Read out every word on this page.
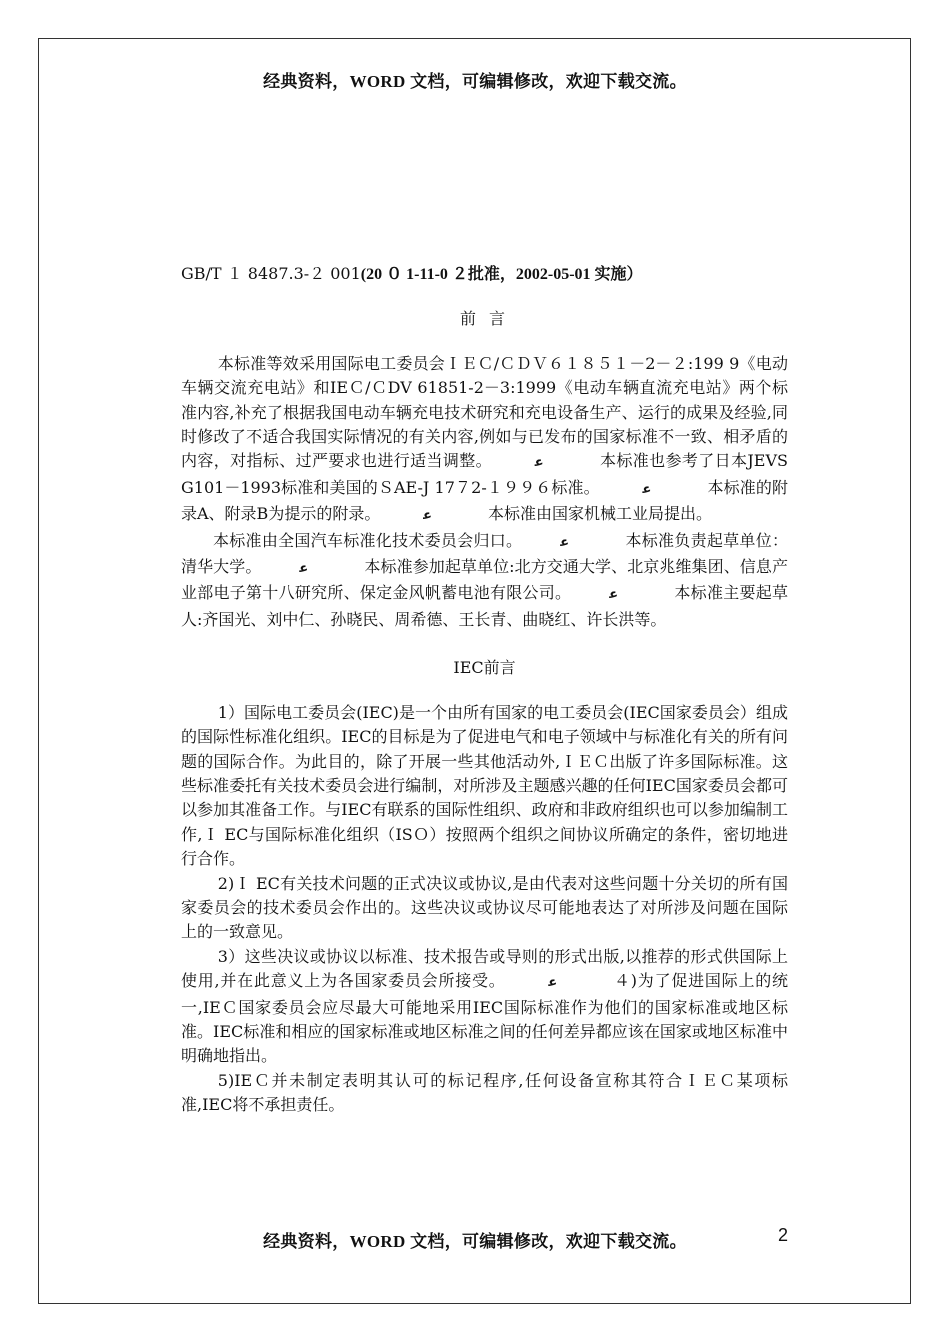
经典资料，WORD 文档，可编辑修改，欢迎下载交流。

GB/T １ 8487.3-２ 001(20 ０ 1-11-0 ２批准，2002-05-01 实施）

前 言

本标准等效采用国际电工委员会ＩＥＣ/ＣＤＶ６１８５１－2－２:199 9《电动车辆交流充电站》和IEＣ/ＣDV 61851-2－3:1999《电动车辆直流充电站》两个标准内容,补充了根据我国电动车辆充电技术研究和充电设备生产、运行的成果及经验,同时修改了不适合我国实际情况的有关内容,例如与已发布的国家标准不一致、相矛盾的内容，对指标、过严要求也进行适当调整。	ﻋ	本标准也参考了日本JEVS G101－1993标准和美国的ＳAE-J 17７2-１９９６标准。	ﻋ	本标准的附录A、附录B为提示的附录。	ﻋ	本标准由国家机械工业局提出。

本标准由全国汽车标准化技术委员会归口。	ﻋ	本标准负责起草单位：清华大学。	ﻋ	本标准参加起草单位:北方交通大学、北京兆维集团、信息产业部电子第十八研究所、保定金风帆蓄电池有限公司。	ﻋ	本标准主要起草人:齐国光、刘中仁、孙晓民、周希德、王长青、曲晓红、许长洪等。

IEC前言

1）国际电工委员会(IEC)是一个由所有国家的电工委员会(IEC国家委员会）组成的国际性标准化组织。IEC的目标是为了促进电气和电子领域中与标准化有关的所有问题的国际合作。为此目的，除了开展一些其他活动外,ＩＥＣ出版了许多国际标准。这些标准委托有关技术委员会进行编制，对所涉及主题感兴趣的任何IEC国家委员会都可以参加其准备工作。与IEC有联系的国际性组织、政府和非政府组织也可以参加编制工作,Ｉ EC与国际标准化组织（ISＯ）按照两个组织之间协议所确定的条件，密切地进行合作。

2)Ｉ EC有关技术问题的正式决议或协议,是由代表对这些问题十分关切的所有国家委员会的技术委员会作出的。这些决议或协议尽可能地表达了对所涉及问题在国际上的一致意见。

3）这些决议或协议以标准、技术报告或导则的形式出版,以推荐的形式供国际上使用,并在此意义上为各国家委员会所接受。	ﻋ	４)为了促进国际上的统一,IEＣ国家委员会应尽最大可能地采用IEC国际标准作为他们的国家标准或地区标准。IEC标准和相应的国家标准或地区标准之间的任何差异都应该在国家或地区标准中明确地指出。

5)IEＣ并未制定表明其认可的标记程序,任何设备宣称其符合ＩＥＣ某项标准,IEC将不承担责任。

经典资料，WORD 文档，可编辑修改，欢迎下载交流。	2
